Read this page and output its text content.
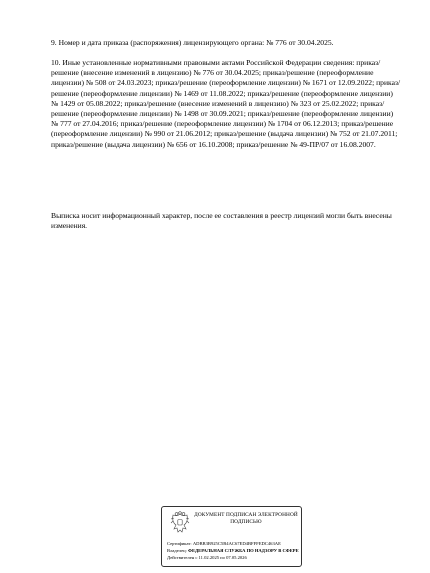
9. Номер и дата приказа (распоряжения) лицензирующего органа: № 776 от 30.04.2025.

10. Иные установленные нормативными правовыми актами Российской Федерации сведения: приказ/решение (внесение изменений в лицензию) № 776 от 30.04.2025; приказ/решение (переоформление лицензии) № 508 от 24.03.2023; приказ/решение (переоформление лицензии) № 1671 от 12.09.2022; приказ/решение (переоформление лицензии) № 1469 от 11.08.2022; приказ/решение (переоформление лицензии) № 1429 от 05.08.2022; приказ/решение (внесение изменений в лицензию) № 323 от 25.02.2022; приказ/решение (переоформление лицензии) № 1498 от 30.09.2021; приказ/решение (переоформление лицензии) № 777 от 27.04.2016; приказ/решение (переоформление лицензии) № 1704 от 06.12.2013; приказ/решение (переоформление лицензии) № 990 от 21.06.2012; приказ/решение (выдача лицензии) № 752 от 21.07.2011; приказ/решение (выдача лицензии) № 656 от 16.10.2008; приказ/решение № 49-ПР/07 от 16.08.2007.

Выписка носит информационный характер, после ее составления в реестр лицензий могли быть внесены изменения.

ДОКУМЕНТ ПОДПИСАН ЭЛЕКТРОННОЙ ПОДПИСЬЮ
Сертификат: ADBB3B925C5B4AC67ED4BFFFEDC463AE
Владелец: ФЕДЕРАЛЬНАЯ СЛУЖБА ПО НАДЗОРУ В СФЕРЕ
Действителен с 11.02.2025 по 07.05.2026
